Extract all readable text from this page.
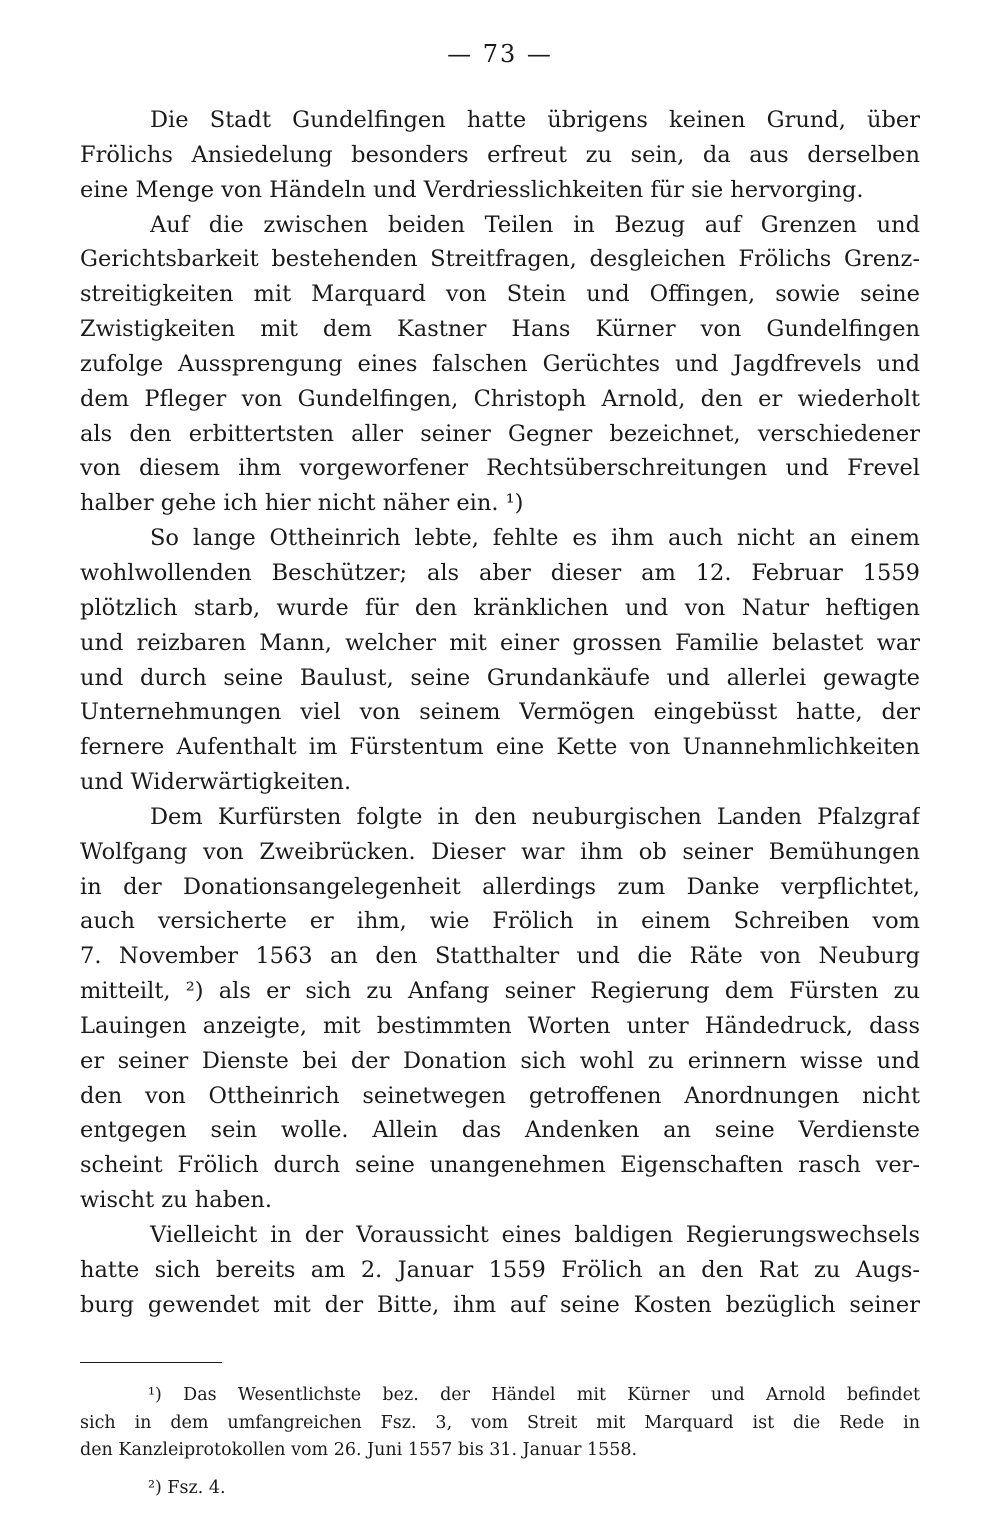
— 73 —
Die Stadt Gundelfingen hatte übrigens keinen Grund, über
Frölichs Ansiedelung besonders erfreut zu sein, da aus derselben
eine Menge von Händeln und Verdriesslichkeiten für sie hervorging.
Auf die zwischen beiden Teilen in Bezug auf Grenzen und
Gerichtsbarkeit bestehenden Streitfragen, desgleichen Frölichs Grenz-
streitigkeiten mit Marquard von Stein und Offingen, sowie seine
Zwistigkeiten mit dem Kastner Hans Kürner von Gundelfingen
zufolge Aussprengung eines falschen Gerüchtes und Jagdfrevels und
dem Pfleger von Gundelfingen, Christoph Arnold, den er wiederholt
als den erbittertsten aller seiner Gegner bezeichnet, verschiedener
von diesem ihm vorgeworfener Rechtsüberschreitungen und Frevel
halber gehe ich hier nicht näher ein. ¹)
So lange Ottheinrich lebte, fehlte es ihm auch nicht an einem
wohlwollenden Beschützer; als aber dieser am 12. Februar 1559
plötzlich starb, wurde für den kränklichen und von Natur heftigen
und reizbaren Mann, welcher mit einer grossen Familie belastet war
und durch seine Baulust, seine Grundankäufe und allerlei gewagte
Unternehmungen viel von seinem Vermögen eingebüsst hatte, der
fernere Aufenthalt im Fürstentum eine Kette von Unannehmlichkeiten
und Widerwärtigkeiten.
Dem Kurfürsten folgte in den neuburgischen Landen Pfalzgraf
Wolfgang von Zweibrücken. Dieser war ihm ob seiner Bemühungen
in der Donationsangelegenheit allerdings zum Danke verpflichtet,
auch versicherte er ihm, wie Frölich in einem Schreiben vom
7. November 1563 an den Statthalter und die Räte von Neuburg
mitteilt, ²) als er sich zu Anfang seiner Regierung dem Fürsten zu
Lauingen anzeigte, mit bestimmten Worten unter Händedruck, dass
er seiner Dienste bei der Donation sich wohl zu erinnern wisse und
den von Ottheinrich seinetwegen getroffenen Anordnungen nicht
entgegen sein wolle. Allein das Andenken an seine Verdienste
scheint Frölich durch seine unangenehmen Eigenschaften rasch ver-
wischt zu haben.
Vielleicht in der Voraussicht eines baldigen Regierungswechsels
hatte sich bereits am 2. Januar 1559 Frölich an den Rat zu Augs-
burg gewendet mit der Bitte, ihm auf seine Kosten bezüglich seiner
¹) Das Wesentlichste bez. der Händel mit Kürner und Arnold befindet
sich in dem umfangreichen Fsz. 3, vom Streit mit Marquard ist die Rede in
den Kanzleiprotokollen vom 26. Juni 1557 bis 31. Januar 1558.
²) Fsz. 4.
